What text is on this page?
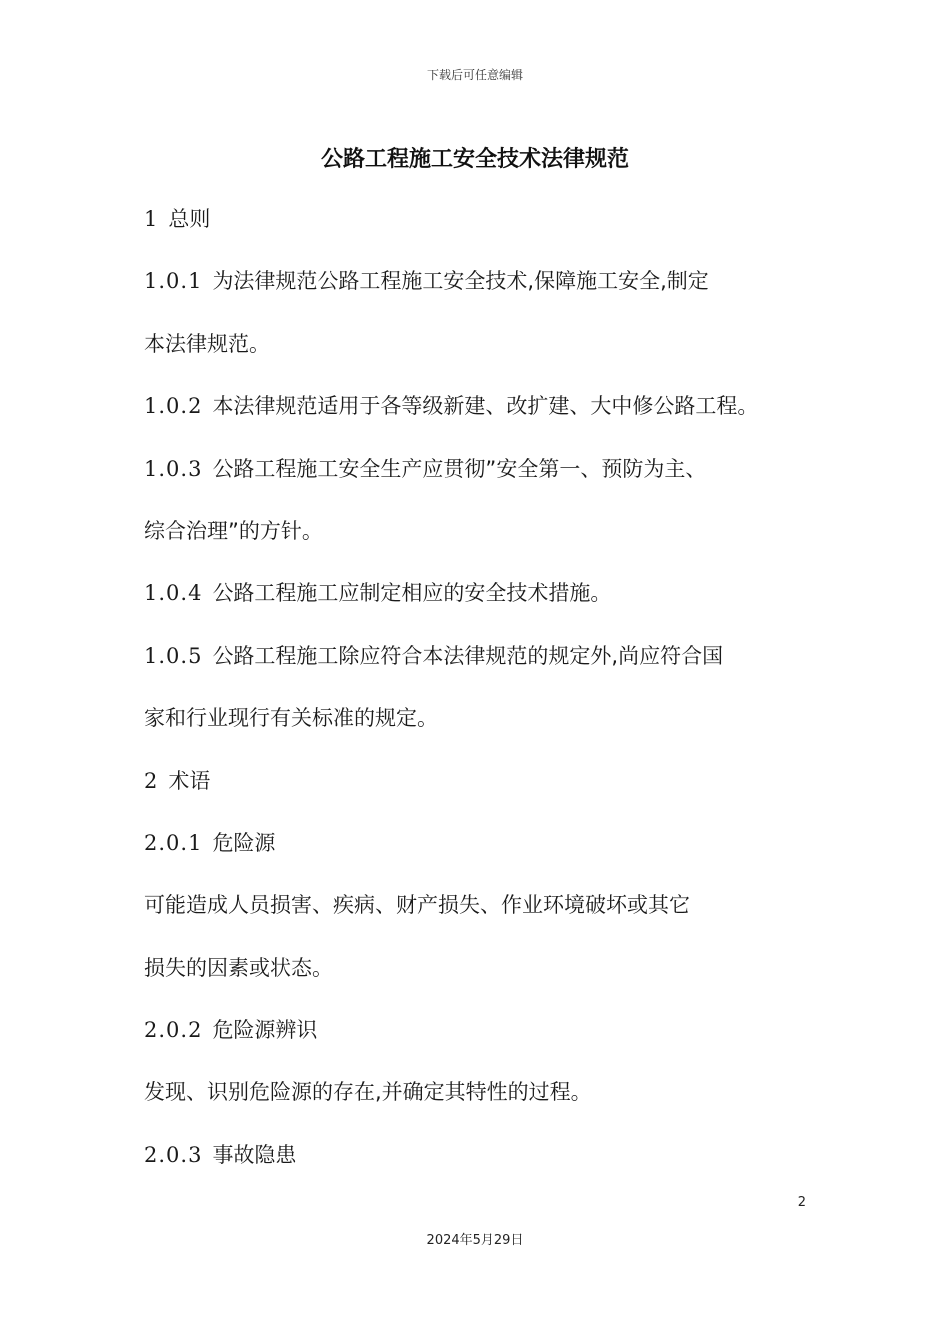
下载后可任意编辑
公路工程施工安全技术法律规范
1 总则
1.0.1 为法律规范公路工程施工安全技术,保障施工安全,制定
本法律规范。
1.0.2 本法律规范适用于各等级新建、改扩建、大中修公路工程。
1.0.3 公路工程施工安全生产应贯彻”安全第一、预防为主、
综合治理”的方针。
1.0.4 公路工程施工应制定相应的安全技术措施。
1.0.5 公路工程施工除应符合本法律规范的规定外,尚应符合国
家和行业现行有关标准的规定。
2 术语
2.0.1 危险源
可能造成人员损害、疾病、财产损失、作业环境破坏或其它
损失的因素或状态。
2.0.2 危险源辨识
发现、识别危险源的存在,并确定其特性的过程。
2.0.3 事故隐患
2
2024年5月29日
